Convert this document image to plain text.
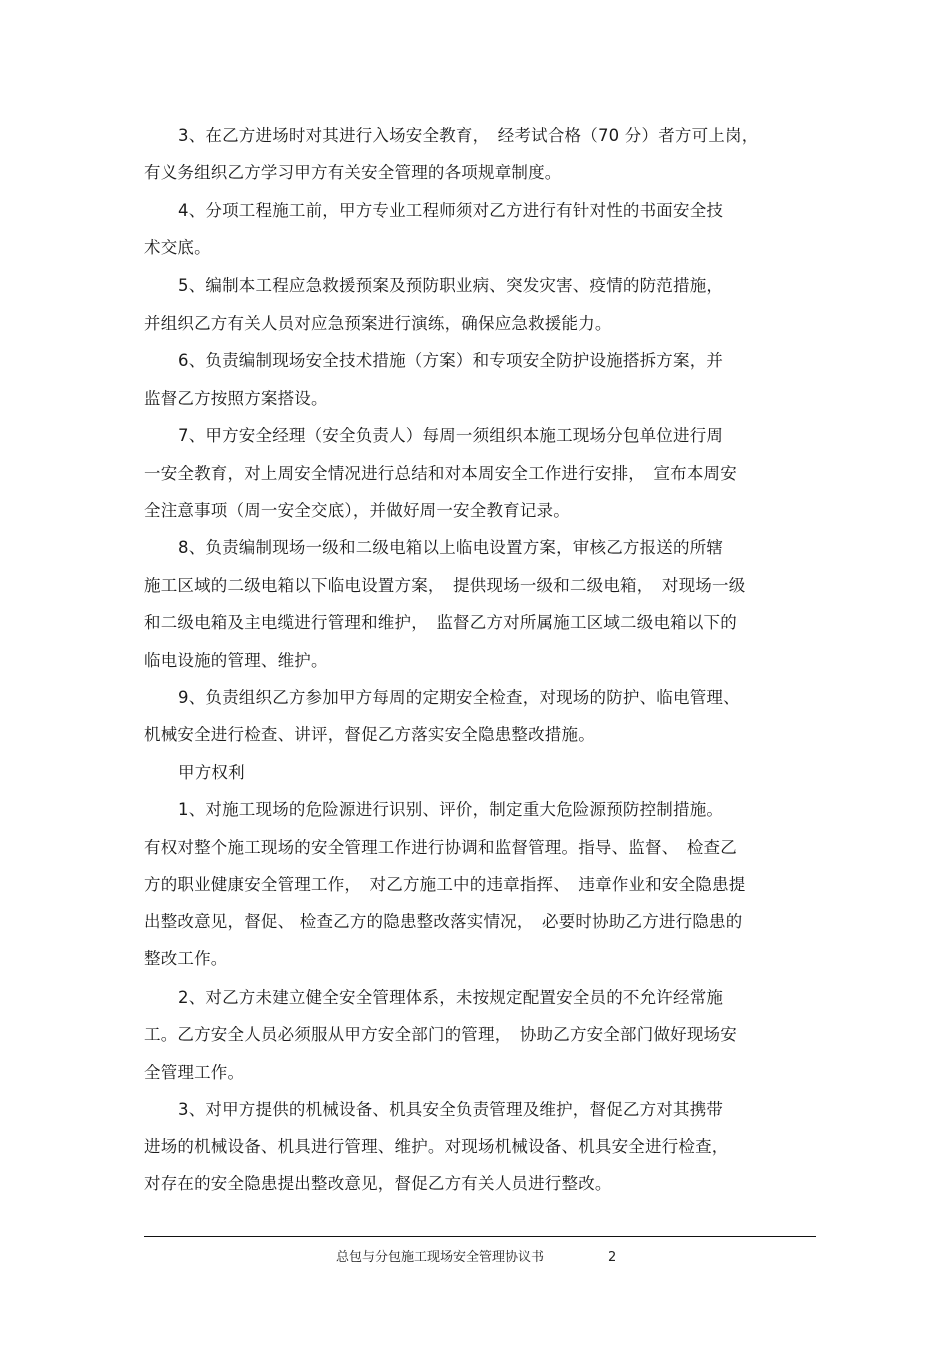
3、在乙方进场时对其进行入场安全教育，　经考试合格（70 分）者方可上岗，
有义务组织乙方学习甲方有关安全管理的各项规章制度。
4、分项工程施工前，甲方专业工程师须对乙方进行有针对性的书面安全技
术交底。
5、编制本工程应急救援预案及预防职业病、突发灾害、疫情的防范措施，
并组织乙方有关人员对应急预案进行演练，确保应急救援能力。
6、负责编制现场安全技术措施（方案）和专项安全防护设施搭拆方案，并
监督乙方按照方案搭设。
7、甲方安全经理（安全负责人）每周一须组织本施工现场分包单位进行周
一安全教育，对上周安全情况进行总结和对本周安全工作进行安排，　宣布本周安
全注意事项（周一安全交底），并做好周一安全教育记录。
8、负责编制现场一级和二级电箱以上临电设置方案，审核乙方报送的所辖
施工区域的二级电箱以下临电设置方案，　提供现场一级和二级电箱，　对现场一级
和二级电箱及主电缆进行管理和维护，　监督乙方对所属施工区域二级电箱以下的
临电设施的管理、维护。
9、负责组织乙方参加甲方每周的定期安全检查，对现场的防护、临电管理、
机械安全进行检查、讲评，督促乙方落实安全隐患整改措施。
甲方权利
1、对施工现场的危险源进行识别、评价，制定重大危险源预防控制措施。
有权对整个施工现场的安全管理工作进行协调和监督管理。指导、监督、　检查乙
方的职业健康安全管理工作，　对乙方施工中的违章指挥、　违章作业和安全隐患提
出整改意见，督促、 检查乙方的隐患整改落实情况，　必要时协助乙方进行隐患的
整改工作。
2、对乙方未建立健全安全管理体系，未按规定配置安全员的不允许经常施
工。乙方安全人员必须服从甲方安全部门的管理，　协助乙方安全部门做好现场安
全管理工作。
3、对甲方提供的机械设备、机具安全负责管理及维护，督促乙方对其携带
进场的机械设备、机具进行管理、维护。对现场机械设备、机具安全进行检查，
对存在的安全隐患提出整改意见，督促乙方有关人员进行整改。
总包与分包施工现场安全管理协议书	2
